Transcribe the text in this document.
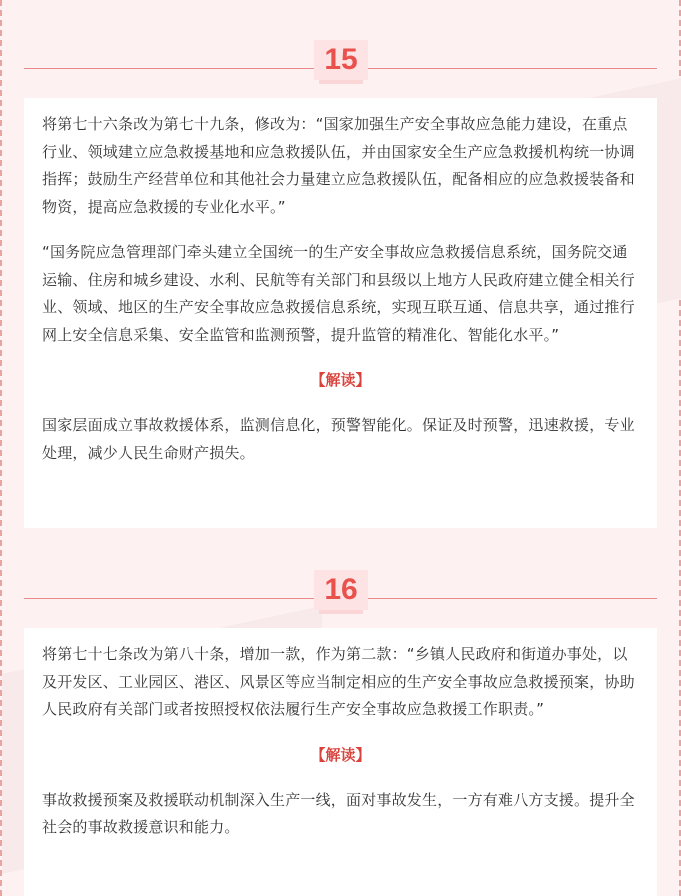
15

将第七十六条改为第七十九条，修改为：“国家加强生产安全事故应急能力建设，在重点行业、领域建立应急救援基地和应急救援队伍，并由国家安全生产应急救援机构统一协调指挥；鼓励生产经营单位和其他社会力量建立应急救援队伍，配备相应的应急救援装备和物资，提高应急救援的专业化水平。”

“国务院应急管理部门牵头建立全国统一的生产安全事故应急救援信息系统，国务院交通运输、住房和城乡建设、水利、民航等有关部门和县级以上地方人民政府建立健全相关行业、领域、地区的生产安全事故应急救援信息系统，实现互联互通、信息共享，通过推行网上安全信息采集、安全监管和监测预警，提升监管的精准化、智能化水平。”

【解读】

国家层面成立事故救援体系，监测信息化，预警智能化。保证及时预警，迅速救援，专业处理，减少人民生命财产损失。

16

将第七十七条改为第八十条，增加一款，作为第二款：“乡镇人民政府和街道办事处，以及开发区、工业园区、港区、风景区等应当制定相应的生产安全事故应急救援预案，协助人民政府有关部门或者按照授权依法履行生产安全事故应急救援工作职责。”

【解读】

事故救援预案及救援联动机制深入生产一线，面对事故发生，一方有难八方支援。提升全社会的事故救援意识和能力。
